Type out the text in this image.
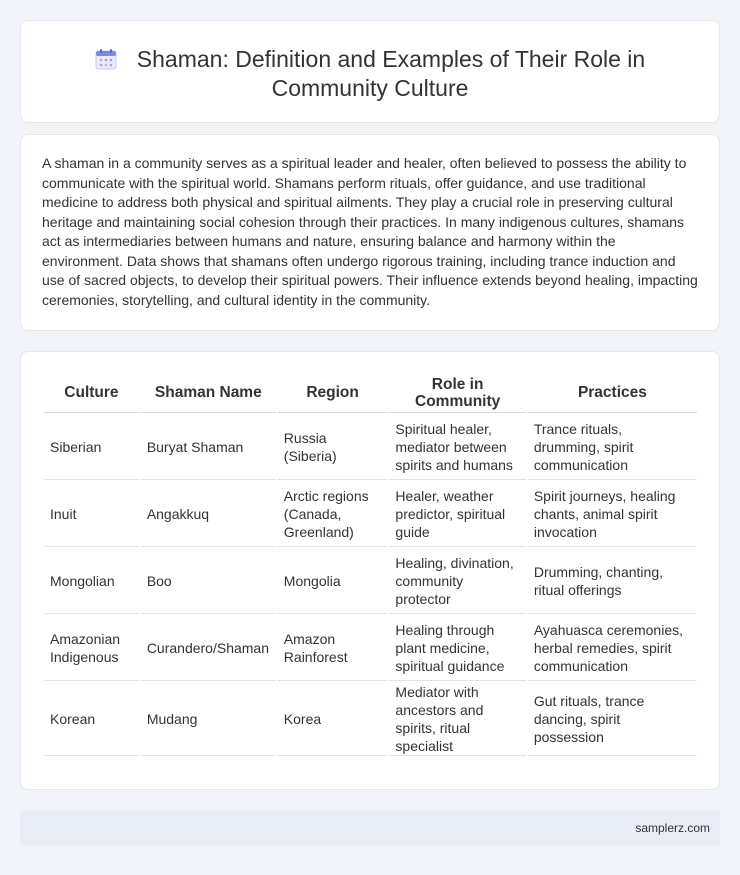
Shaman: Definition and Examples of Their Role in Community Culture

A shaman in a community serves as a spiritual leader and healer, often believed to possess the ability to communicate with the spiritual world. Shamans perform rituals, offer guidance, and use traditional medicine to address both physical and spiritual ailments. They play a crucial role in preserving cultural heritage and maintaining social cohesion through their practices. In many indigenous cultures, shamans act as intermediaries between humans and nature, ensuring balance and harmony within the environment. Data shows that shamans often undergo rigorous training, including trance induction and use of sacred objects, to develop their spiritual powers. Their influence extends beyond healing, impacting ceremonies, storytelling, and cultural identity in the community.

Culture	Shaman Name	Region	Role in Community	Practices
Siberian	Buryat Shaman	Russia (Siberia)	Spiritual healer, mediator between spirits and humans	Trance rituals, drumming, spirit communication
Inuit	Angakkuq	Arctic regions (Canada, Greenland)	Healer, weather predictor, spiritual guide	Spirit journeys, healing chants, animal spirit invocation
Mongolian	Boo	Mongolia	Healing, divination, community protector	Drumming, chanting, ritual offerings
Amazonian Indigenous	Curandero/Shaman	Amazon Rainforest	Healing through plant medicine, spiritual guidance	Ayahuasca ceremonies, herbal remedies, spirit communication
Korean	Mudang	Korea	Mediator with ancestors and spirits, ritual specialist	Gut rituals, trance dancing, spirit possession
samplerz.com
